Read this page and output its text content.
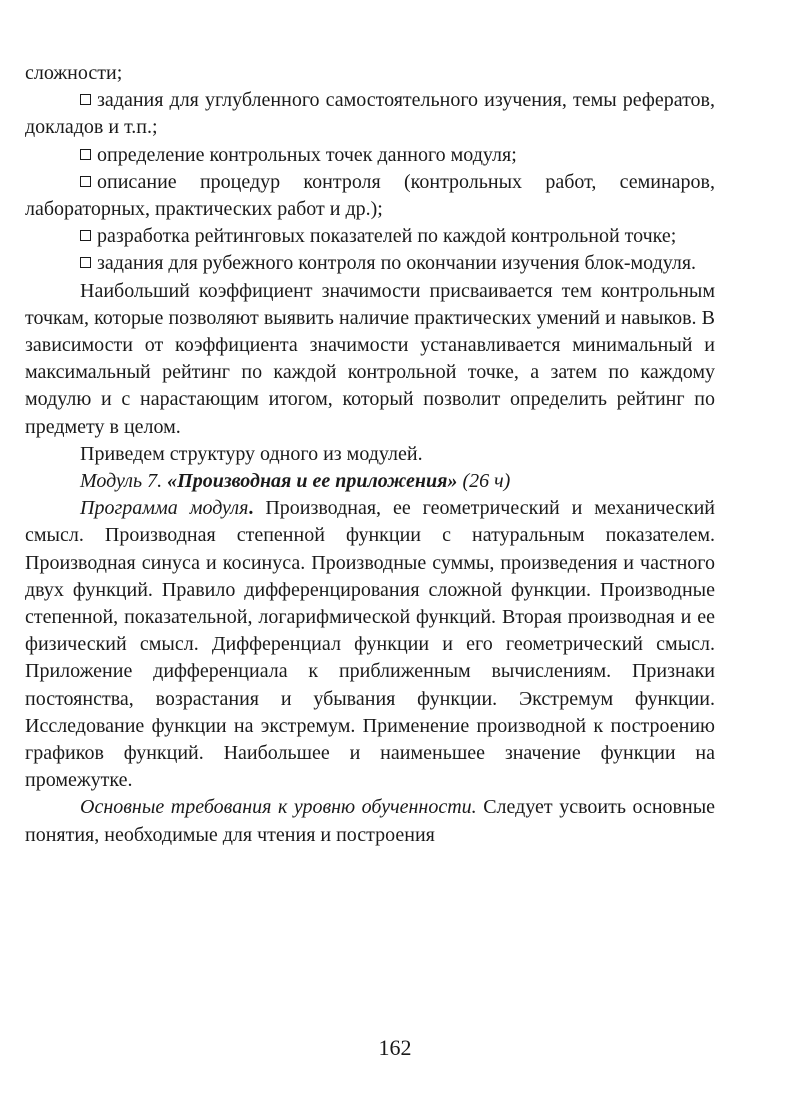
сложности;

задания для углубленного самостоятельного изучения, темы рефератов, докладов и т.п.;

определение контрольных точек данного модуля;

описание процедур контроля (контрольных работ, семинаров, лабораторных, практических работ и др.);

разработка рейтинговых показателей по каждой контрольной точке;

задания для рубежного контроля по окончании изучения блок-модуля.

Наибольший коэффициент значимости присваивается тем контрольным точкам, которые позволяют выявить наличие практических умений и навыков. В зависимости от коэффициента значимости устанавливается минимальный и максимальный рейтинг по каждой контрольной точке, а затем по каждому модулю и с нарастающим итогом, который позволит определить рейтинг по предмету в целом.

Приведем структуру одного из модулей.

Модуль 7. «Производная и ее приложения» (26 ч)

Программа модуля. Производная, ее геометрический и механический смысл. Производная степенной функции с натуральным показателем. Производная синуса и косинуса. Производные суммы, произведения и частного двух функций. Правило дифференцирования сложной функции. Производные степенной, показательной, логарифмической функций. Вторая производная и ее физический смысл. Дифференциал функции и его геометрический смысл. Приложение дифференциала к приближенным вычислениям. Признаки постоянства, возрастания и убывания функции. Экстремум функции. Исследование функции на экстремум. Применение производной к построению графиков функций. Наибольшее и наименьшее значение функции на промежутке.

Основные требования к уровню обученности. Следует усвоить основные понятия, необходимые для чтения и построения

162
